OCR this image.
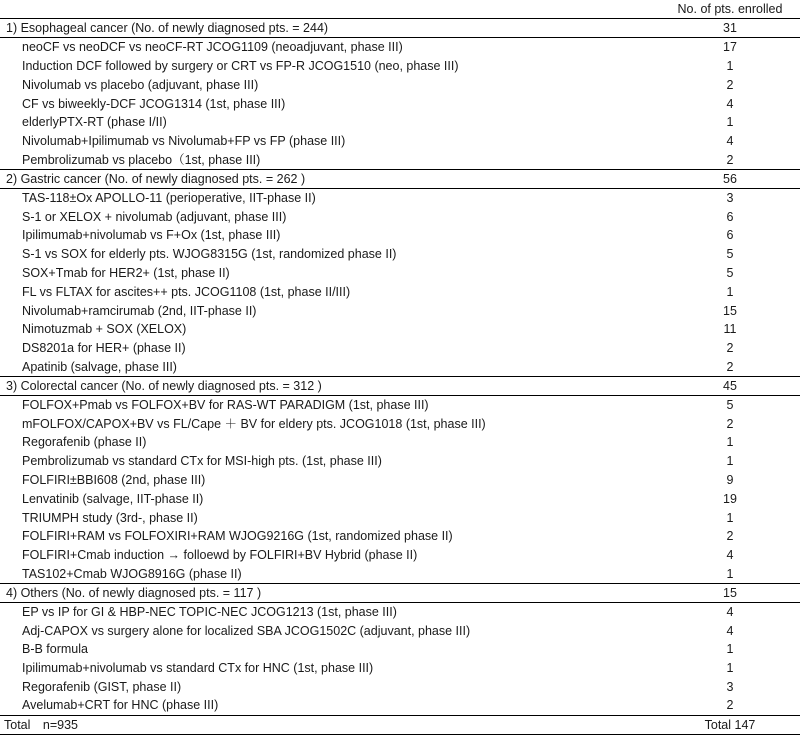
	No. of pts. enrolled
1) Esophageal cancer (No. of newly diagnosed pts. = 244)	31
neoCF vs neoDCF vs neoCF-RT JCOG1109 (neoadjuvant, phase III)	17
Induction DCF followed by surgery or CRT vs FP-R JCOG1510 (neo, phase III)	1
Nivolumab vs placebo (adjuvant, phase III)	2
CF vs biweekly-DCF JCOG1314 (1st, phase III)	4
elderlyPTX-RT (phase I/II)	1
Nivolumab+Ipilimumab vs Nivolumab+FP vs FP (phase III)	4
Pembrolizumab vs placebo（1st, phase III)	2
2) Gastric cancer (No. of newly diagnosed pts. = 262 )	56
TAS-118±Ox APOLLO-11 (perioperative, IIT-phase II)	3
S-1 or XELOX + nivolumab (adjuvant, phase III)	6
Ipilimumab+nivolumab vs F+Ox (1st, phase III)	6
S-1 vs SOX for elderly pts. WJOG8315G (1st, randomized phase II)	5
SOX+Tmab for HER2+ (1st, phase II)	5
FL vs FLTAX for ascites++ pts. JCOG1108 (1st, phase II/III)	1
Nivolumab+ramcirumab (2nd, IIT-phase II)	15
Nimotuzmab + SOX (XELOX)	11
DS8201a for HER+ (phase II)	2
Apatinib (salvage, phase III)	2
3) Colorectal cancer (No. of newly diagnosed pts. = 312 )	45
FOLFOX+Pmab vs FOLFOX+BV for RAS-WT PARADIGM (1st, phase III)	5
mFOLFOX/CAPOX+BV vs FL/Cape ＋ BV for eldery pts. JCOG1018 (1st, phase III)	2
Regorafenib (phase II)	1
Pembrolizumab vs standard CTx for MSI-high pts. (1st, phase III)	1
FOLFIRI±BBI608 (2nd, phase III)	9
Lenvatinib (salvage, IIT-phase II)	19
TRIUMPH study (3rd-, phase II)	1
FOLFIRI+RAM vs FOLFOXIRI+RAM WJOG9216G (1st, randomized phase II)	2
FOLFIRI+Cmab induction → folloewd by FOLFIRI+BV Hybrid (phase II)	4
TAS102+Cmab WJOG8916G (phase II)	1
4) Others (No. of newly diagnosed pts. = 117 )	15
EP vs IP for GI & HBP-NEC TOPIC-NEC JCOG1213 (1st, phase III)	4
Adj-CAPOX vs surgery alone for localized SBA JCOG1502C (adjuvant, phase III)	4
B-B formula	1
Ipilimumab+nivolumab vs standard CTx for HNC (1st, phase III)	1
Regorafenib (GIST, phase II)	3
Avelumab+CRT for HNC (phase III)	2
Total　n=935	Total 147
